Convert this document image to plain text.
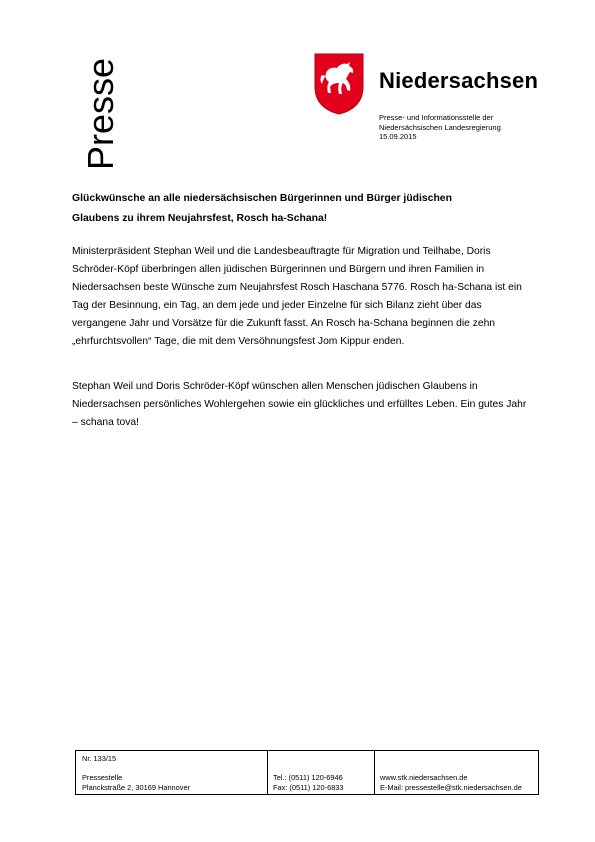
Presse	Niedersachsen
Presse- und Informationsstelle der
Niedersächsischen Landesregierung
15.09.2015
Glückwünsche an alle niedersächsischen Bürgerinnen und Bürger jüdischen
Glaubens zu ihrem Neujahrsfest, Rosch ha-Schana!

Ministerpräsident Stephan Weil und die Landesbeauftragte für Migration und Teilhabe, Doris Schröder-Köpf überbringen allen jüdischen Bürgerinnen und Bürgern und ihren Familien in Niedersachsen beste Wünsche zum Neujahrsfest Rosch Haschana 5776. Rosch ha-Schana ist ein Tag der Besinnung, ein Tag, an dem jede und jeder Einzelne für sich Bilanz zieht über das vergangene Jahr und Vorsätze für die Zukunft fasst. An Rosch ha-Schana beginnen die zehn „ehrfurchtsvollen“ Tage, die mit dem Versöhnungsfest Jom Kippur enden.

Stephan Weil und Doris Schröder-Köpf wünschen allen Menschen jüdischen Glaubens in Niedersachsen persönliches Wohlergehen sowie ein glückliches und erfülltes Leben. Ein gutes Jahr – schana tova!

Nr. 133/15
Pressestelle
Planckstraße 2, 30169 Hannover
Tel.: (0511) 120-6946
Fax: (0511) 120-6833
www.stk.niedersachsen.de
E-Mail: pressestelle@stk.niedersachsen.de
